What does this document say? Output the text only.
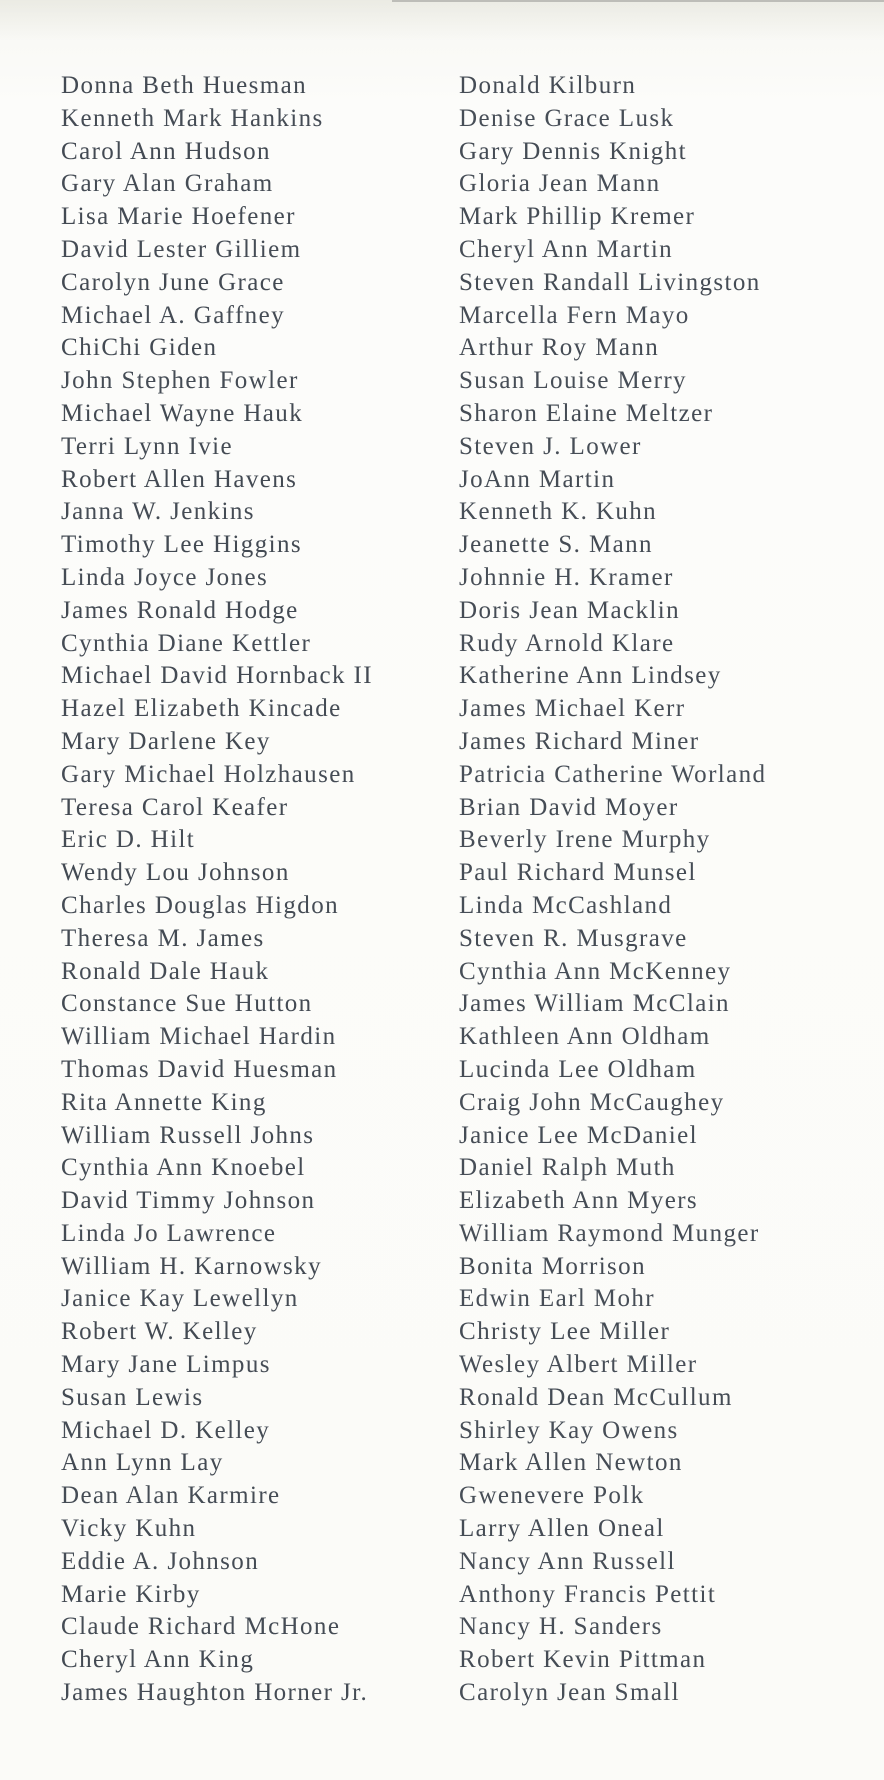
Donna Beth Huesman
Kenneth Mark Hankins
Carol Ann Hudson
Gary Alan Graham
Lisa Marie Hoefener
David Lester Gilliem
Carolyn June Grace
Michael A. Gaffney
ChiChi Giden
John Stephen Fowler
Michael Wayne Hauk
Terri Lynn Ivie
Robert Allen Havens
Janna W. Jenkins
Timothy Lee Higgins
Linda Joyce Jones
James Ronald Hodge
Cynthia Diane Kettler
Michael David Hornback II
Hazel Elizabeth Kincade
Mary Darlene Key
Gary Michael Holzhausen
Teresa Carol Keafer
Eric D. Hilt
Wendy Lou Johnson
Charles Douglas Higdon
Theresa M. James
Ronald Dale Hauk
Constance Sue Hutton
William Michael Hardin
Thomas David Huesman
Rita Annette King
William Russell Johns
Cynthia Ann Knoebel
David Timmy Johnson
Linda Jo Lawrence
William H. Karnowsky
Janice Kay Lewellyn
Robert W. Kelley
Mary Jane Limpus
Susan Lewis
Michael D. Kelley
Ann Lynn Lay
Dean Alan Karmire
Vicky Kuhn
Eddie A. Johnson
Marie Kirby
Claude Richard McHone
Cheryl Ann King
James Haughton Horner Jr.
Donald Kilburn
Denise Grace Lusk
Gary Dennis Knight
Gloria Jean Mann
Mark Phillip Kremer
Cheryl Ann Martin
Steven Randall Livingston
Marcella Fern Mayo
Arthur Roy Mann
Susan Louise Merry
Sharon Elaine Meltzer
Steven J. Lower
JoAnn Martin
Kenneth K. Kuhn
Jeanette S. Mann
Johnnie H. Kramer
Doris Jean Macklin
Rudy Arnold Klare
Katherine Ann Lindsey
James Michael Kerr
James Richard Miner
Patricia Catherine Worland
Brian David Moyer
Beverly Irene Murphy
Paul Richard Munsel
Linda McCashland
Steven R. Musgrave
Cynthia Ann McKenney
James William McClain
Kathleen Ann Oldham
Lucinda Lee Oldham
Craig John McCaughey
Janice Lee McDaniel
Daniel Ralph Muth
Elizabeth Ann Myers
William Raymond Munger
Bonita Morrison
Edwin Earl Mohr
Christy Lee Miller
Wesley Albert Miller
Ronald Dean McCullum
Shirley Kay Owens
Mark Allen Newton
Gwenevere Polk
Larry Allen Oneal
Nancy Ann Russell
Anthony Francis Pettit
Nancy H. Sanders
Robert Kevin Pittman
Carolyn Jean Small
